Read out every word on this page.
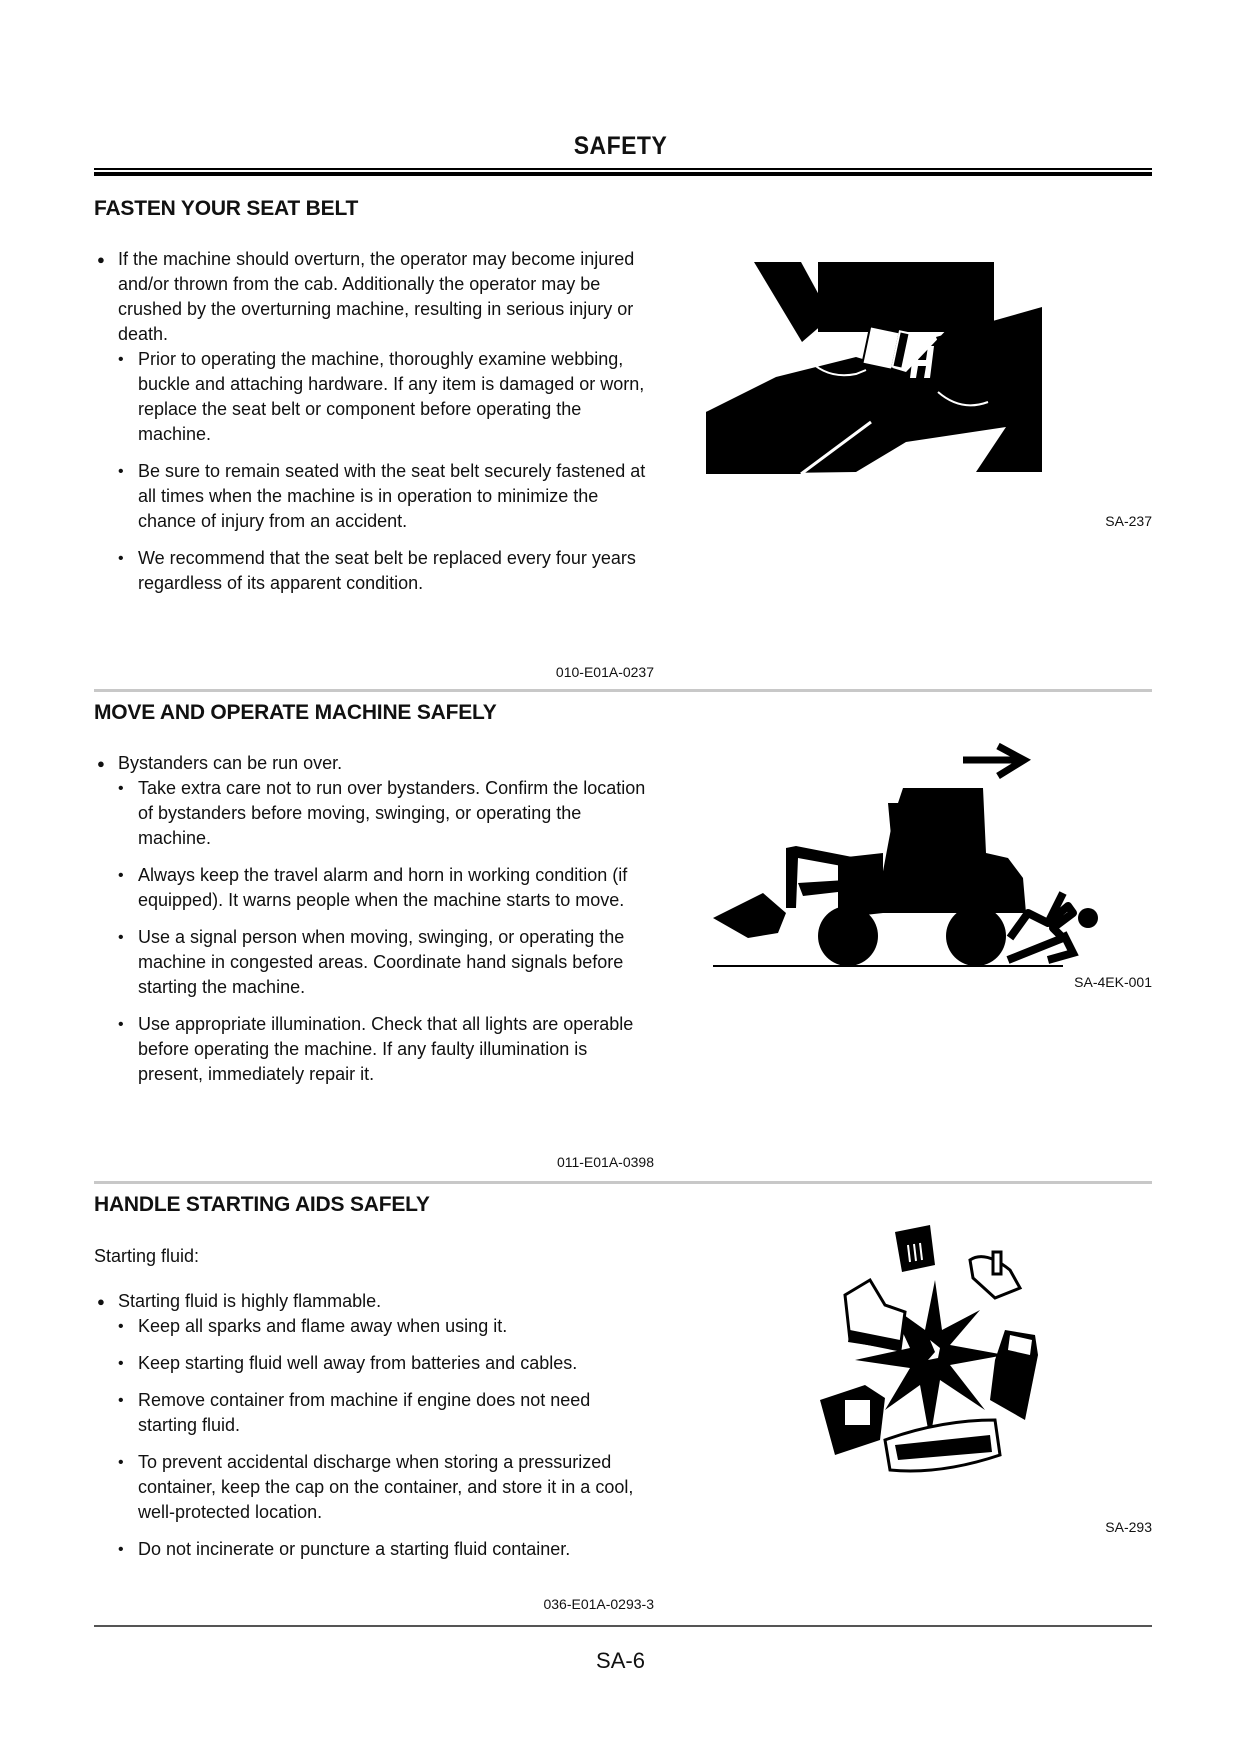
SAFETY
FASTEN YOUR SEAT BELT
● If the machine should overturn, the operator may become injured and/or thrown from the cab. Additionally the operator may be crushed by the overturning machine, resulting in serious injury or death.
• Prior to operating the machine, thoroughly examine webbing, buckle and attaching hardware. If any item is damaged or worn, replace the seat belt or component before operating the machine.
• Be sure to remain seated with the seat belt securely fastened at all times when the machine is in operation to minimize the chance of injury from an accident.
• We recommend that the seat belt be replaced every four years regardless of its apparent condition.
SA-237
010-E01A-0237
MOVE AND OPERATE MACHINE SAFELY
● Bystanders can be run over.
• Take extra care not to run over bystanders. Confirm the location of bystanders before moving, swinging, or operating the machine.
• Always keep the travel alarm and horn in working condition (if equipped). It warns people when the machine starts to move.
• Use a signal person when moving, swinging, or operating the machine in congested areas. Coordinate hand signals before starting the machine.
• Use appropriate illumination. Check that all lights are operable before operating the machine. If any faulty illumination is present, immediately repair it.
SA-4EK-001
011-E01A-0398
HANDLE STARTING AIDS SAFELY
Starting fluid:
● Starting fluid is highly flammable.
• Keep all sparks and flame away when using it.
• Keep starting fluid well away from batteries and cables.
• Remove container from machine if engine does not need starting fluid.
• To prevent accidental discharge when storing a pressurized container, keep the cap on the container, and store it in a cool, well-protected location.
• Do not incinerate or puncture a starting fluid container.
SA-293
036-E01A-0293-3
SA-6
